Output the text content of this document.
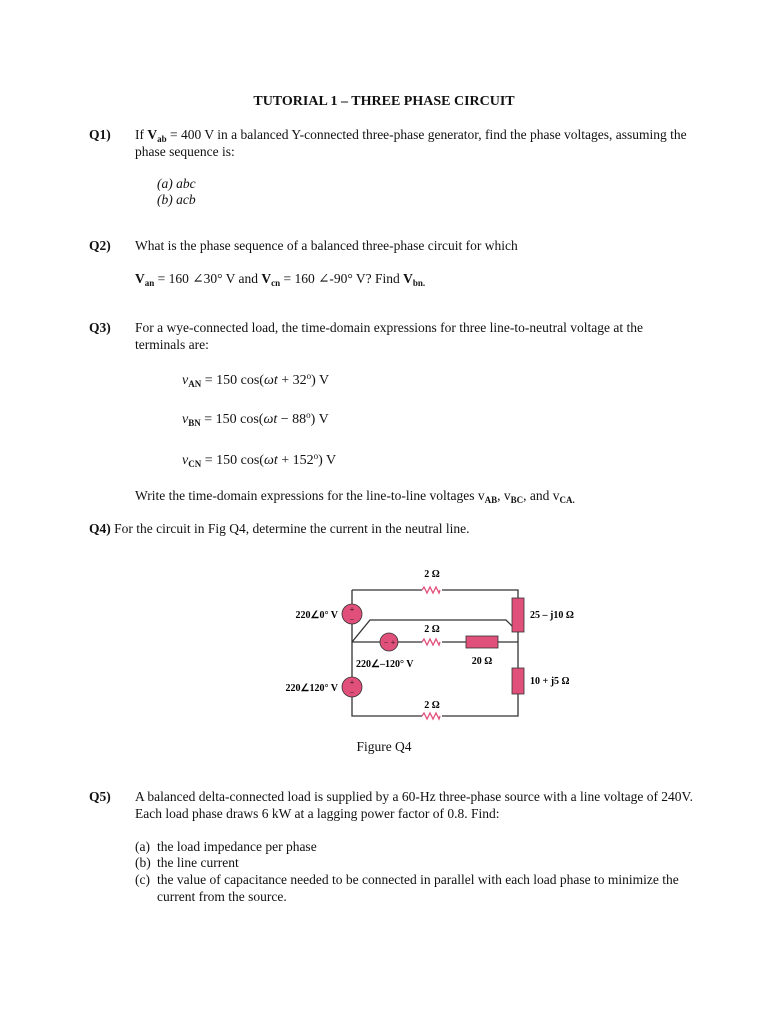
TUTORIAL 1 – THREE PHASE CIRCUIT
Q1) If $V_{ab} = 400$ V in a balanced Y-connected three-phase generator, find the phase voltages, assuming the phase sequence is:
(a) abc
(b) acb
Q2) What is the phase sequence of a balanced three-phase circuit for which
$V_{an} = 160$ ∠30° V and $V_{cn} = 160$ ∠-90° V? Find $V_{bn.}$
Q3) For a wye-connected load, the time-domain expressions for three line-to-neutral voltage at the terminals are:
$v_{AN} = 150$ $\cos(\omega t + 32^o)$ V
$v_{BN} = 150$ $\cos(\omega t - 88^o)$ V
$v_{CN} = 150$ $\cos(\omega t + 152^o)$ V
Write the time-domain expressions for the line-to-line voltages $v_{AB}$, $v_{BC}$, and $v_{CA.}$
Q4) For the circuit in Fig Q4, determine the current in the neutral line.
+
−
− +
+
−
2 Ω
2 Ω
2 Ω
25 – j10 Ω
10 + j5 Ω
20 Ω
220∠0° V
220∠–120° V
220∠120° V
Figure Q4
Q5) A balanced delta-connected load is supplied by a 60-Hz three-phase source with a line voltage of 240V. Each load phase draws 6 kW at a lagging power factor of 0.8. Find:
(a) the load impedance per phase
(b) the line current
(c) the value of capacitance needed to be connected in parallel with each load phase to minimize the current from the source.
